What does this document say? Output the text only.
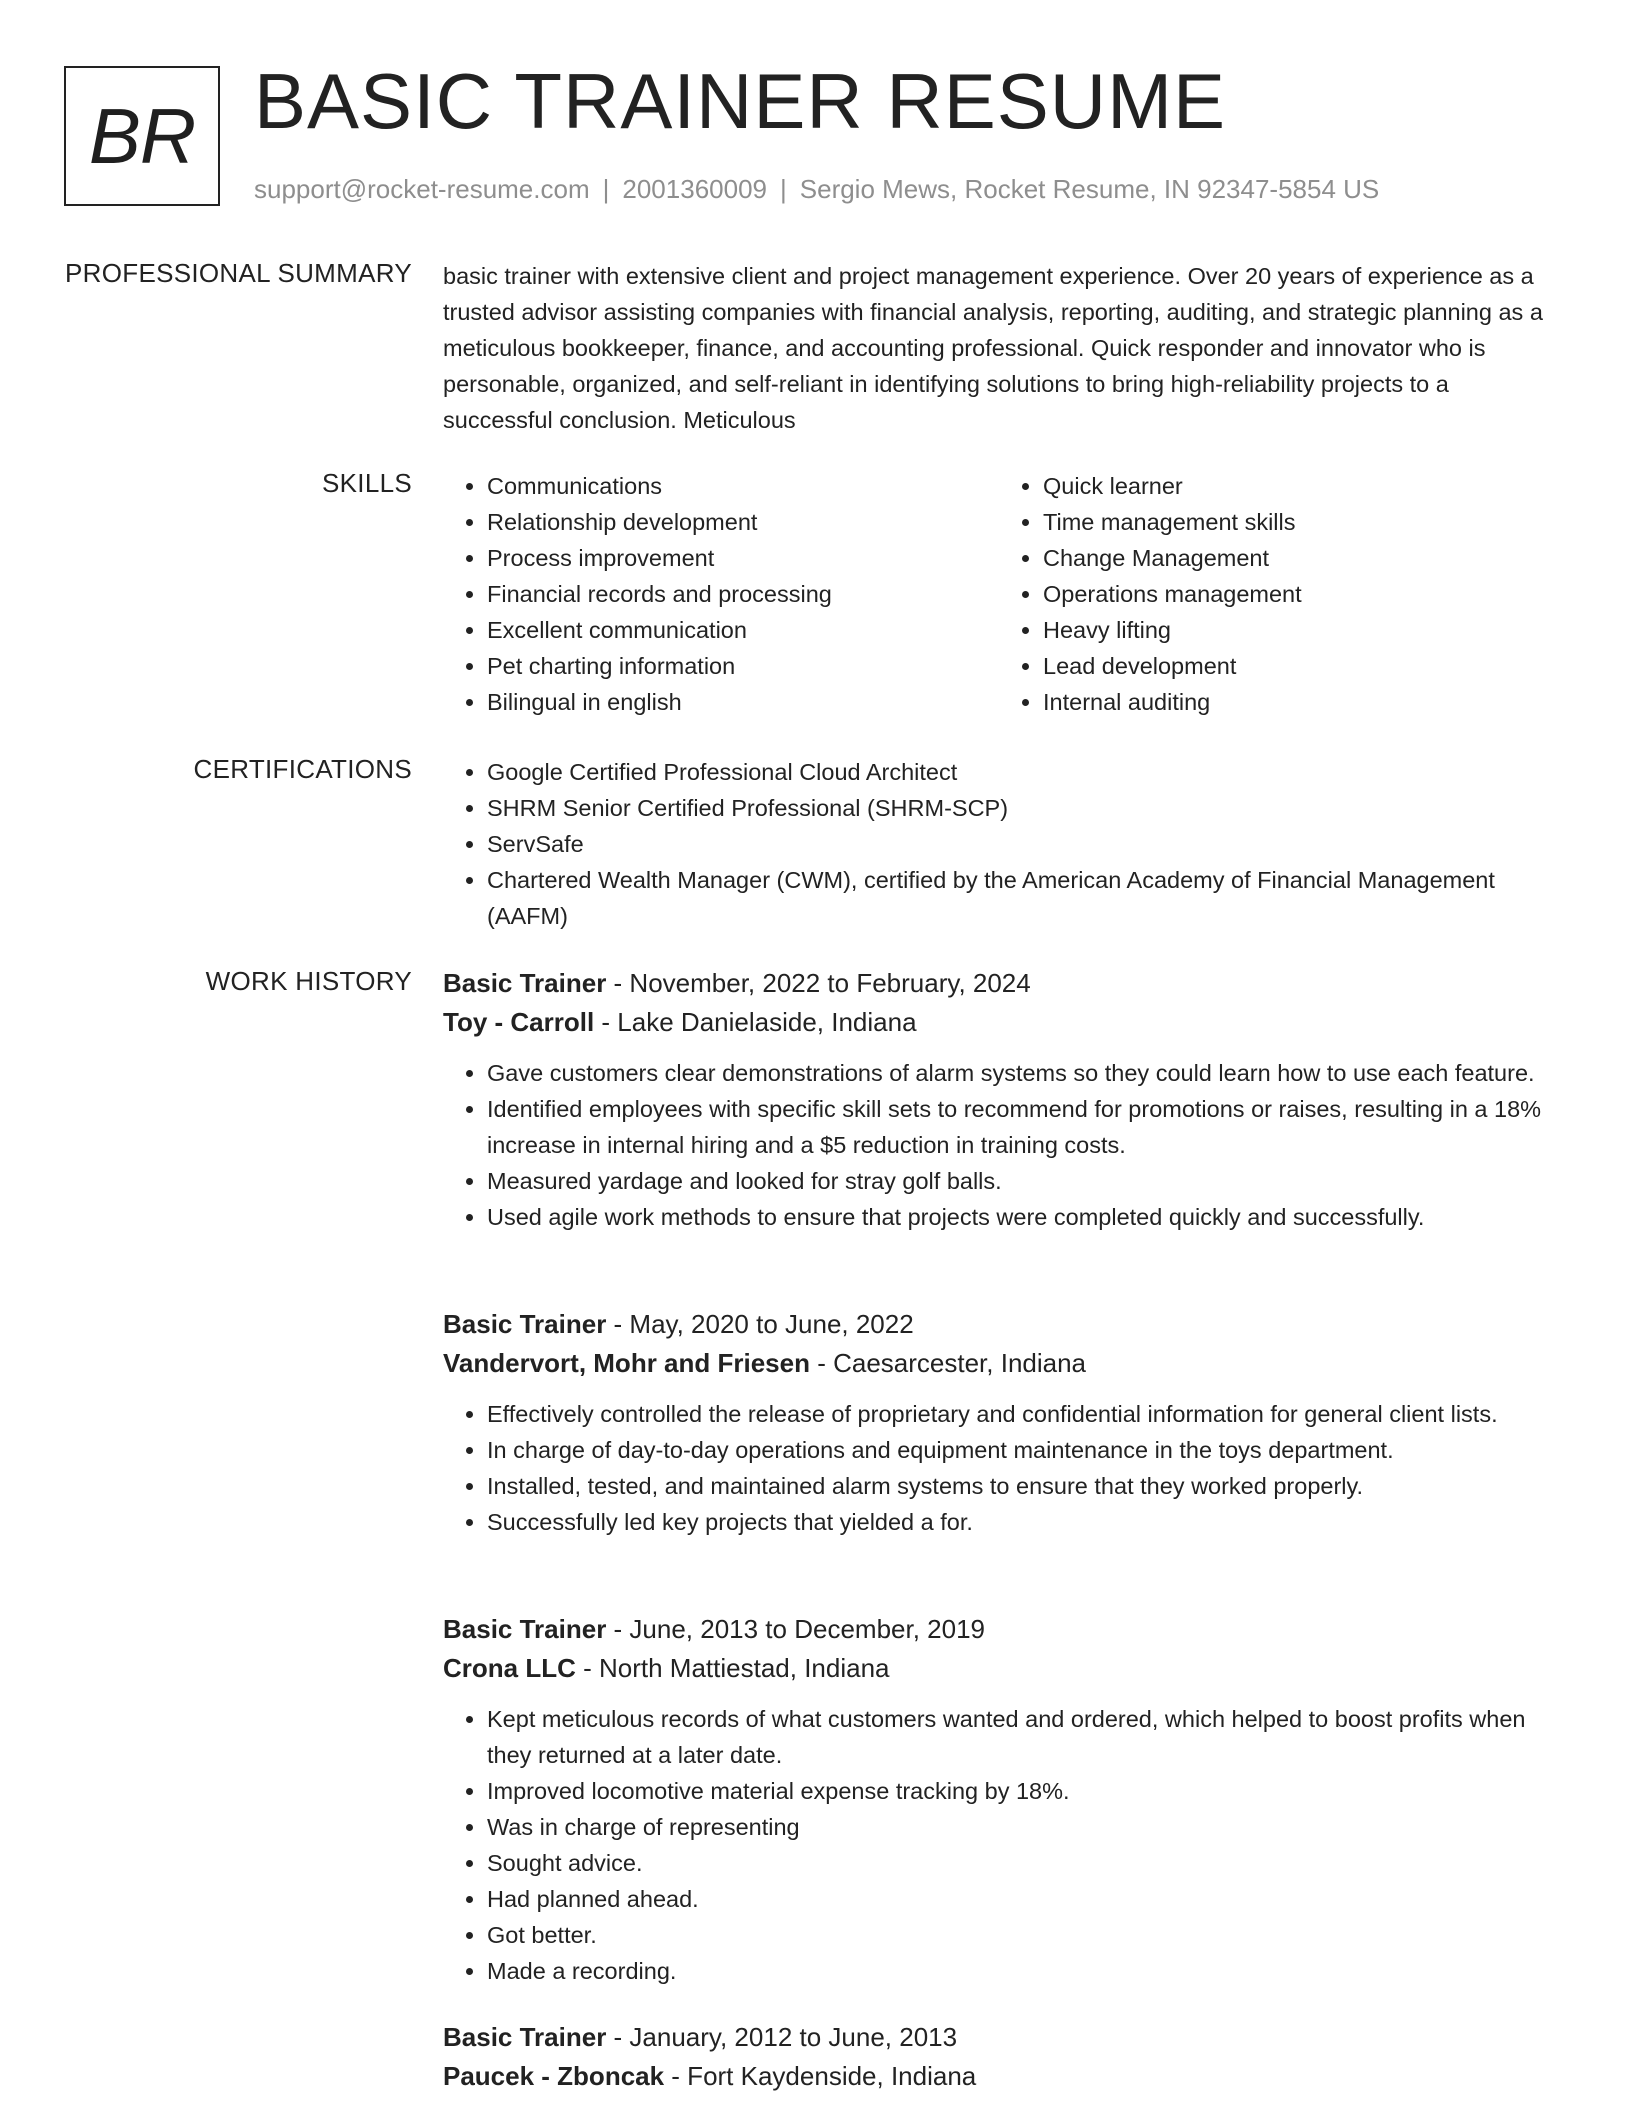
BR BASIC TRAINER RESUME
support@rocket-resume.com | 2001360009 | Sergio Mews, Rocket Resume, IN 92347-5854 US
PROFESSIONAL SUMMARY basic trainer with extensive client and project management experience. Over 20 years of experience as a trusted advisor assisting companies with financial analysis, reporting, auditing, and strategic planning as a meticulous bookkeeper, finance, and accounting professional. Quick responder and innovator who is personable, organized, and self-reliant in identifying solutions to bring high-reliability projects to a successful conclusion. Meticulous

SKILLS	• Communications
• Relationship development
• Process improvement
• Financial records and processing
• Excellent communication
• Pet charting information
• Bilingual in english
• Quick learner
• Time management skills
• Change Management
• Operations management
• Heavy lifting
• Lead development
• Internal auditing
CERTIFICATIONS	• Google Certified Professional Cloud Architect
• SHRM Senior Certified Professional (SHRM-SCP)
• ServSafe
• Chartered Wealth Manager (CWM), certified by the American Academy of Financial Management (AAFM)
WORK HISTORY Basic Trainer - November, 2022 to February, 2024
Toy - Carroll - Lake Danielaside, Indiana
• Gave customers clear demonstrations of alarm systems so they could learn how to use each feature.
• Identified employees with specific skill sets to recommend for promotions or raises, resulting in a 18% increase in internal hiring and a $5 reduction in training costs.
• Measured yardage and looked for stray golf balls.
• Used agile work methods to ensure that projects were completed quickly and successfully.
Basic Trainer - May, 2020 to June, 2022
Vandervort, Mohr and Friesen - Caesarcester, Indiana
• Effectively controlled the release of proprietary and confidential information for general client lists.
• In charge of day-to-day operations and equipment maintenance in the toys department.
• Installed, tested, and maintained alarm systems to ensure that they worked properly.
• Successfully led key projects that yielded a for.
Basic Trainer - June, 2013 to December, 2019
Crona LLC - North Mattiestad, Indiana
• Kept meticulous records of what customers wanted and ordered, which helped to boost profits when they returned at a later date.
• Improved locomotive material expense tracking by 18%.
• Was in charge of representing
• Sought advice.
• Had planned ahead.
• Got better.
• Made a recording.
Basic Trainer - January, 2012 to June, 2013
Paucek - Zboncak - Fort Kaydenside, Indiana
